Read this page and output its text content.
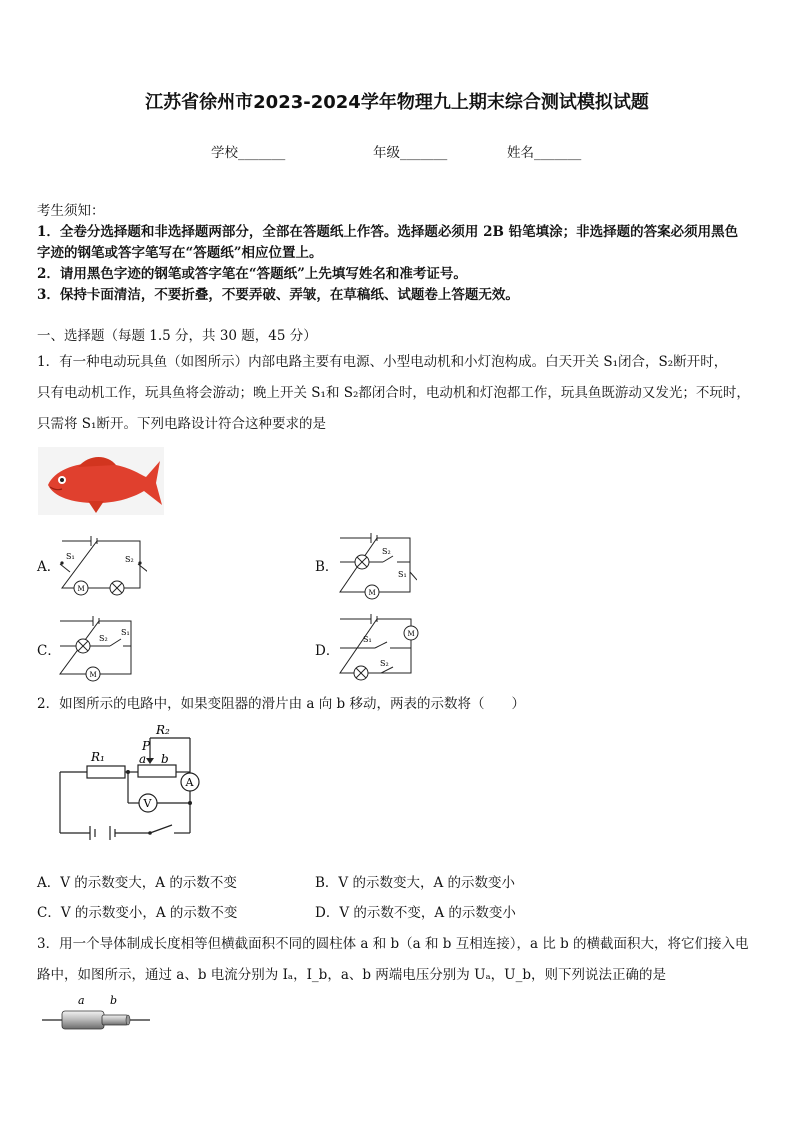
江苏省徐州市2023-2024学年物理九上期末综合测试模拟试题
学校_______	年级_______	姓名_______
考生须知：
1．全卷分选择题和非选择题两部分，全部在答题纸上作答。选择题必须用 2B 铅笔填涂；非选择题的答案必须用黑色
字迹的钢笔或答字笔写在“答题纸”相应位置上。
2．请用黑色字迹的钢笔或答字笔在“答题纸”上先填写姓名和准考证号。
3．保持卡面清洁，不要折叠，不要弄破、弄皱，在草稿纸、试题卷上答题无效。
一、选择题（每题 1.5 分，共 30 题，45 分）
1．有一种电动玩具鱼（如图所示）内部电路主要有电源、小型电动机和小灯泡构成。白天开关 S₁闭合，S₂断开时，
只有电动机工作，玩具鱼将会游动；晚上开关 S₁和 S₂都闭合时，电动机和灯泡都工作，玩具鱼既游动又发光；不玩时，
只需将 S₁断开。下列电路设计符合这种要求的是
A．
S₁	S₂
M
B．
S₂
S₁
M
C．
S₂
S₁
M
D．
S₁
S₂
M
2．如图所示的电路中，如果变阻器的滑片由 a 向 b 移动，两表的示数将（　　）
R₁
R₂
P
a b
A
V
A．V 的示数变大，A 的示数不变	B．V 的示数变大，A 的示数变小
C．V 的示数变小，A 的示数不变	D．V 的示数不变，A 的示数变小
3．用一个导体制成长度相等但横截面积不同的圆柱体 a 和 b（a 和 b 互相连接），a 比 b 的横截面积大，将它们接入电
路中，如图所示，通过 a、b 电流分别为 Iₐ，I_b，a、b 两端电压分别为 Uₐ，U_b，则下列说法正确的是
a b
